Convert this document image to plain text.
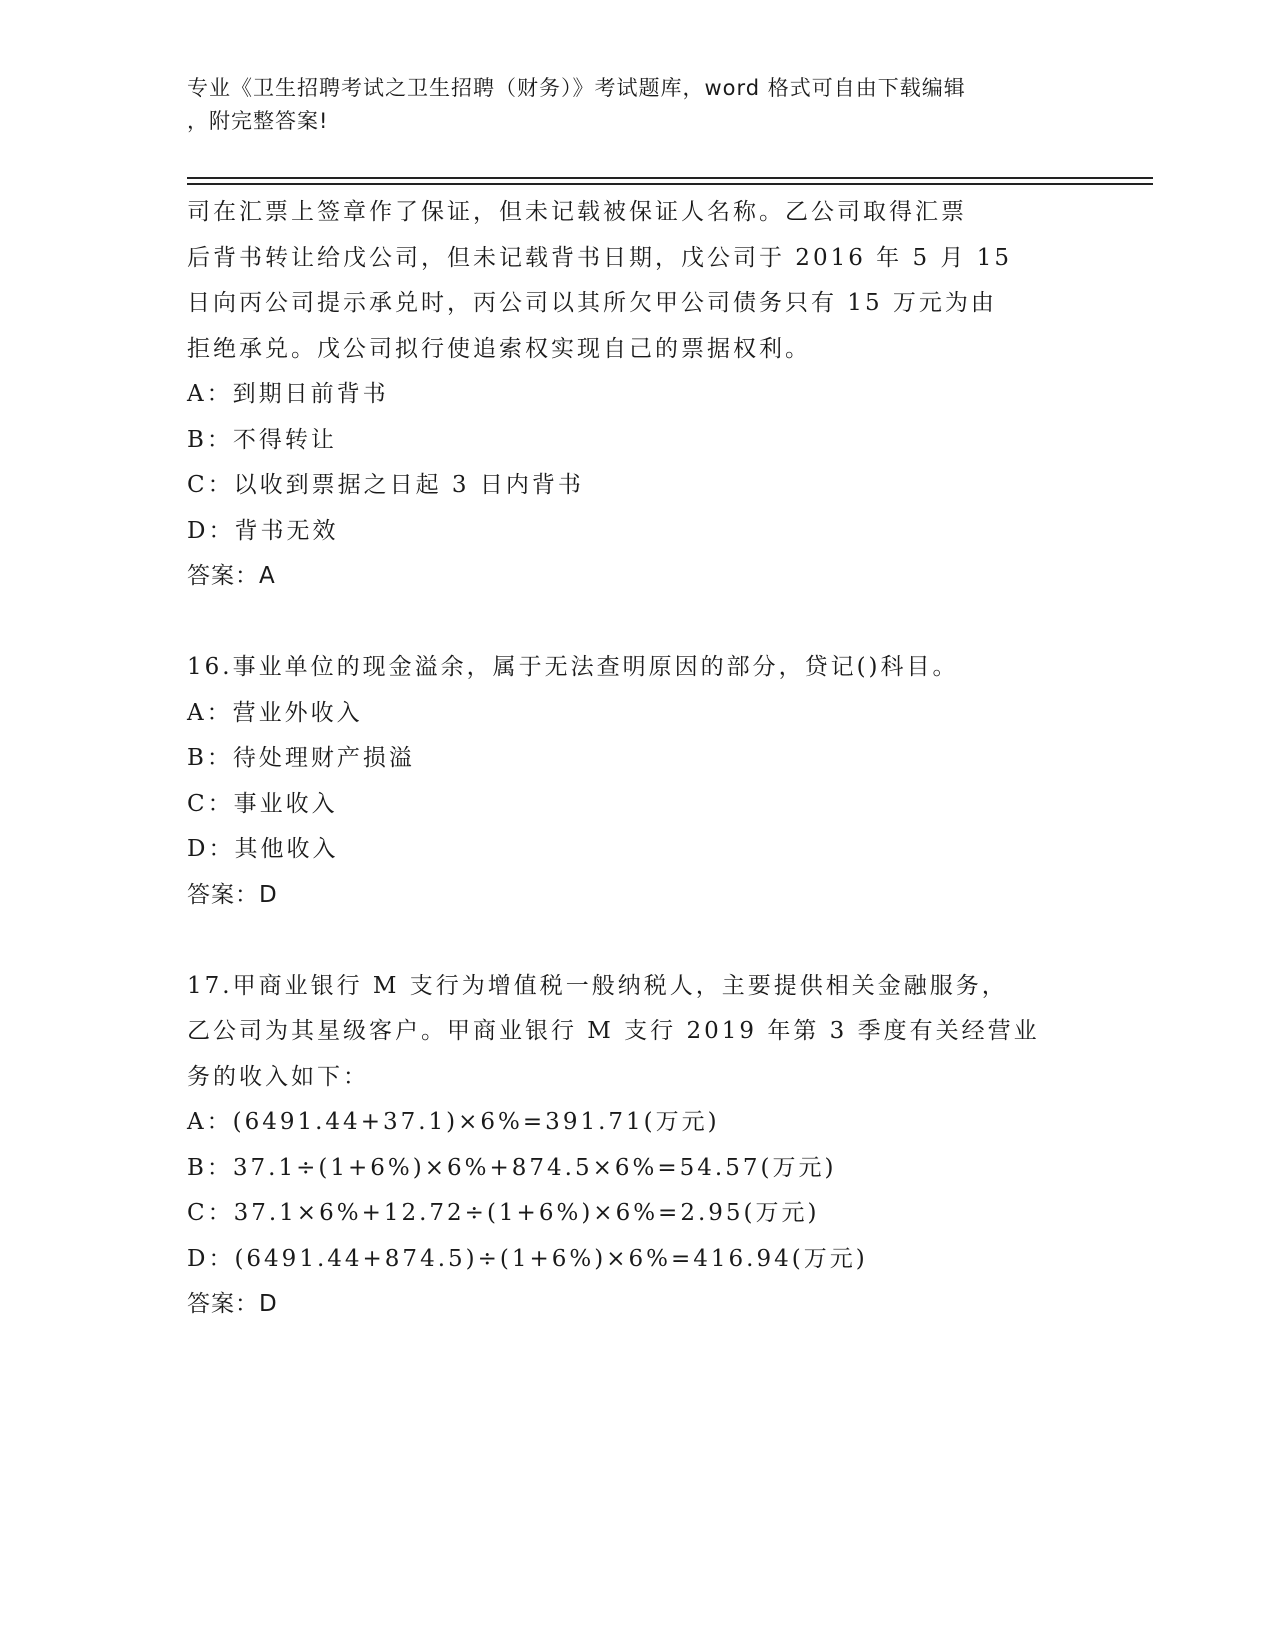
专业《卫生招聘考试之卫生招聘（财务）》考试题库，word 格式可自由下载编辑

，附完整答案!

司在汇票上签章作了保证，但未记载被保证人名称。乙公司取得汇票
后背书转让给戊公司，但未记载背书日期，戊公司于 2016 年 5 月 15
日向丙公司提示承兑时，丙公司以其所欠甲公司债务只有 15 万元为由
拒绝承兑。戊公司拟行使追索权实现自己的票据权利。
A：到期日前背书
B：不得转让
C：以收到票据之日起 3 日内背书
D：背书无效
答案：A
16.事业单位的现金溢余，属于无法查明原因的部分，贷记()科目。
A：营业外收入
B：待处理财产损溢
C：事业收入
D：其他收入
答案：D
17.甲商业银行 M 支行为增值税一般纳税人，主要提供相关金融服务，
乙公司为其星级客户。甲商业银行 M 支行 2019 年第 3 季度有关经营业
务的收入如下：
A：(6491.44+37.1)×6%=391.71(万元)
B：37.1÷(1+6%)×6%+874.5×6%=54.57(万元)
C：37.1×6%+12.72÷(1+6%)×6%=2.95(万元)
D：(6491.44+874.5)÷(1+6%)×6%=416.94(万元)
答案：D
